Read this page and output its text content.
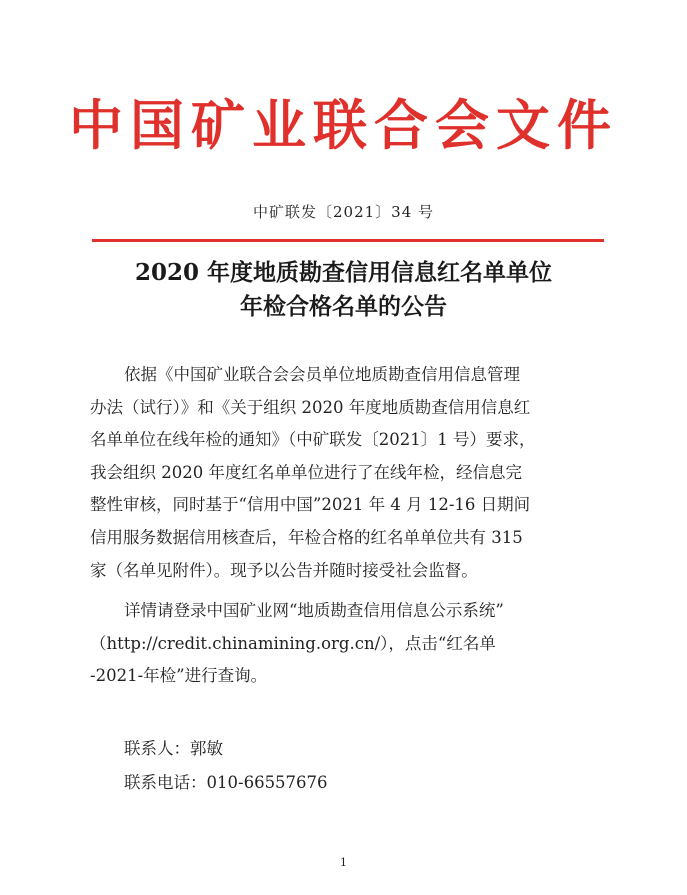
中国矿业联合会文件
中矿联发〔2021〕34 号
2020 年度地质勘查信用信息红名单单位
年检合格名单的公告
依据《中国矿业联合会会员单位地质勘查信用信息管理
办法（试行）》和《关于组织 2020 年度地质勘查信用信息红
名单单位在线年检的通知》（中矿联发〔2021〕1 号）要求，
我会组织 2020 年度红名单单位进行了在线年检，经信息完
整性审核，同时基于“信用中国”2021 年 4 月 12-16 日期间
信用服务数据信用核查后，年检合格的红名单单位共有 315
家（名单见附件）。现予以公告并随时接受社会监督。
详情请登录中国矿业网“地质勘查信用信息公示系统”
（http://credit.chinamining.org.cn/），点击“红名单
-2021-年检”进行查询。
联系人：郭敏
联系电话：010-66557676
1
